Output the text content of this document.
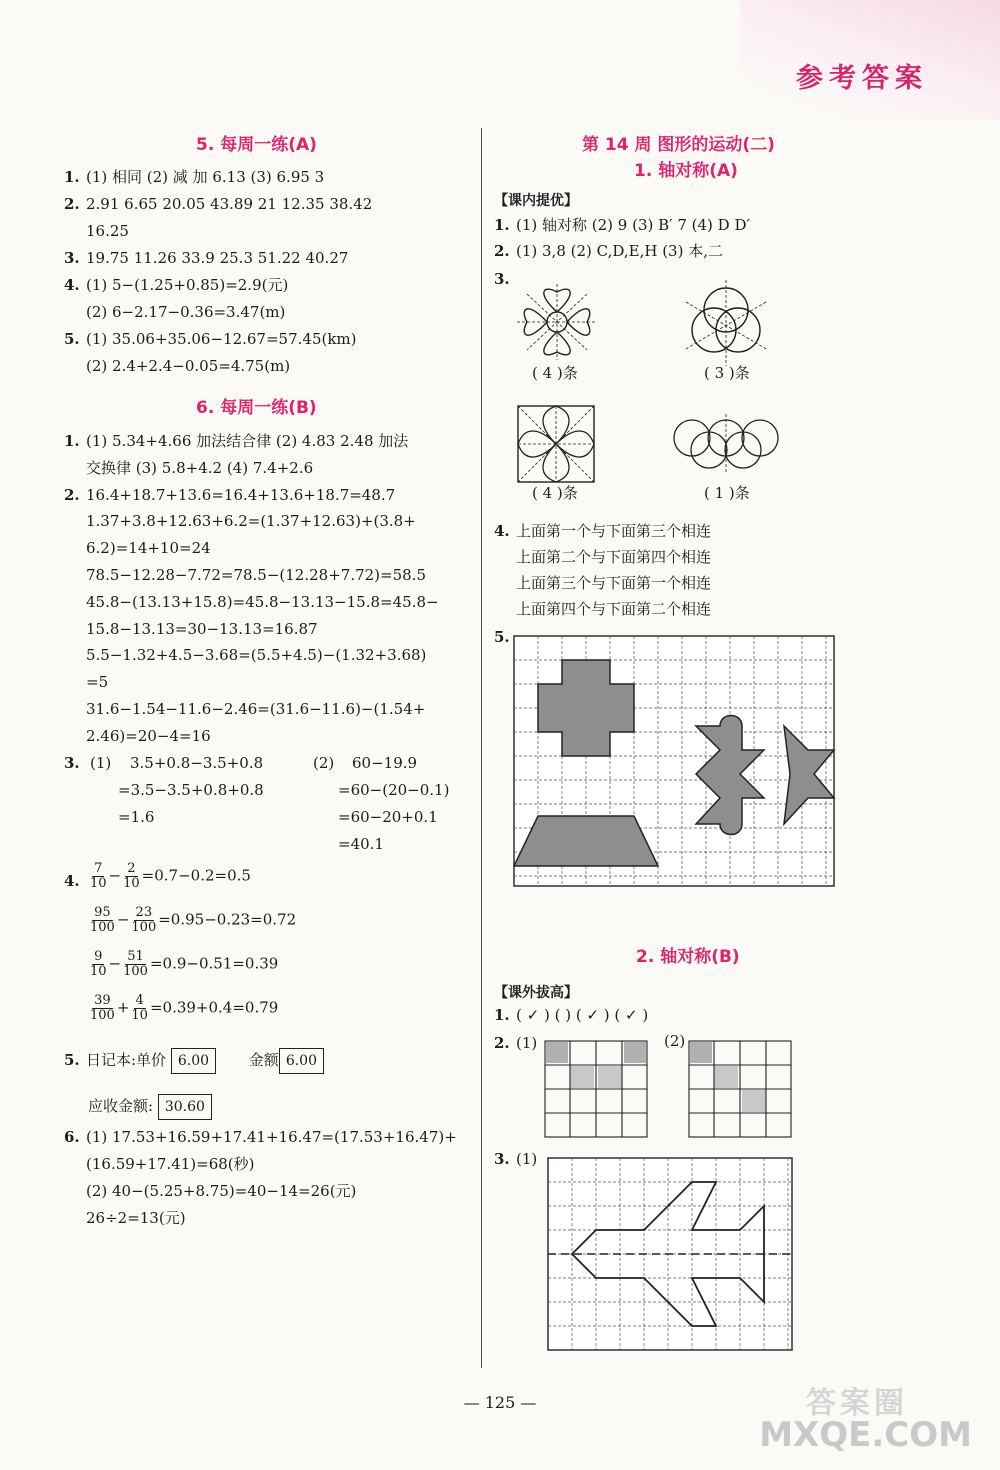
参考答案
5. 每周一练(A)
1. (1) 相同 (2) 减 加 6.13 (3) 6.95 3
2. 2.91 6.65 20.05 43.89 21 12.35 38.42
16.25
3. 19.75 11.26 33.9 25.3 51.22 40.27
4. (1) 5−(1.25+0.85)=2.9(元)
(2) 6−2.17−0.36=3.47(m)
5. (1) 35.06+35.06−12.67=57.45(km)
(2) 2.4+2.4−0.05=4.75(m)
6. 每周一练(B)
1. (1) 5.34+4.66 加法结合律 (2) 4.83 2.48 加法
交换律 (3) 5.8+4.2 (4) 7.4+2.6
2. 16.4+18.7+13.6=16.4+13.6+18.7=48.7
1.37+3.8+12.63+6.2=(1.37+12.63)+(3.8+
6.2)=14+10=24
78.5−12.28−7.72=78.5−(12.28+7.72)=58.5
45.8−(13.13+15.8)=45.8−13.13−15.8=45.8−
15.8−13.13=30−13.13=16.87
5.5−1.32+4.5−3.68=(5.5+4.5)−(1.32+3.68)
=5
31.6−1.54−11.6−2.46=(31.6−11.6)−(1.54+
2.46)=20−4=16
3. (1) 3.5+0.8−3.5+0.8
=3.5−3.5+0.8+0.8
=1.6
(2) 60−19.9
=60−(20−0.1)
=60−20+0.1
=40.1
4. $\frac{7}{10} - \frac{2}{10} =0.7-0.2=0.5$
$\frac{95}{100} - \frac{23}{100} =0.95-0.23=0.72$
$\frac{9}{10} - \frac{51}{100} =0.9-0.51=0.39$
$\frac{39}{100} + \frac{4}{10} =0.39+0.4=0.79$
5. 日记本:单价 6.00	金额 6.00
应收金额: 30.60
6. (1) 17.53+16.59+17.41+16.47=(17.53+16.47)+
(16.59+17.41)=68(秒)
(2) 40−(5.25+8.75)=40−14=26(元)
26÷2=13(元)
第 14 周 图形的运动(二)
1. 轴对称(A)
【课内提优】
1. (1) 轴对称 (2) 9 (3) B′ 7 (4) D D′
2. (1) 3,8 (2) C,D,E,H (3) 本,二
3.
( 4 )条	( 3 )条
( 4 )条	( 1 )条
4. 上面第一个与下面第三个相连
上面第二个与下面第四个相连
上面第三个与下面第一个相连
上面第四个与下面第二个相连
5.
2. 轴对称(B)
【课外拔高】
1. ( ✓ ) ( ) ( ✓ ) ( ✓ )
2. (1)	(2)
3. (1)
— 125 —	答案圈
MXQE.COM
